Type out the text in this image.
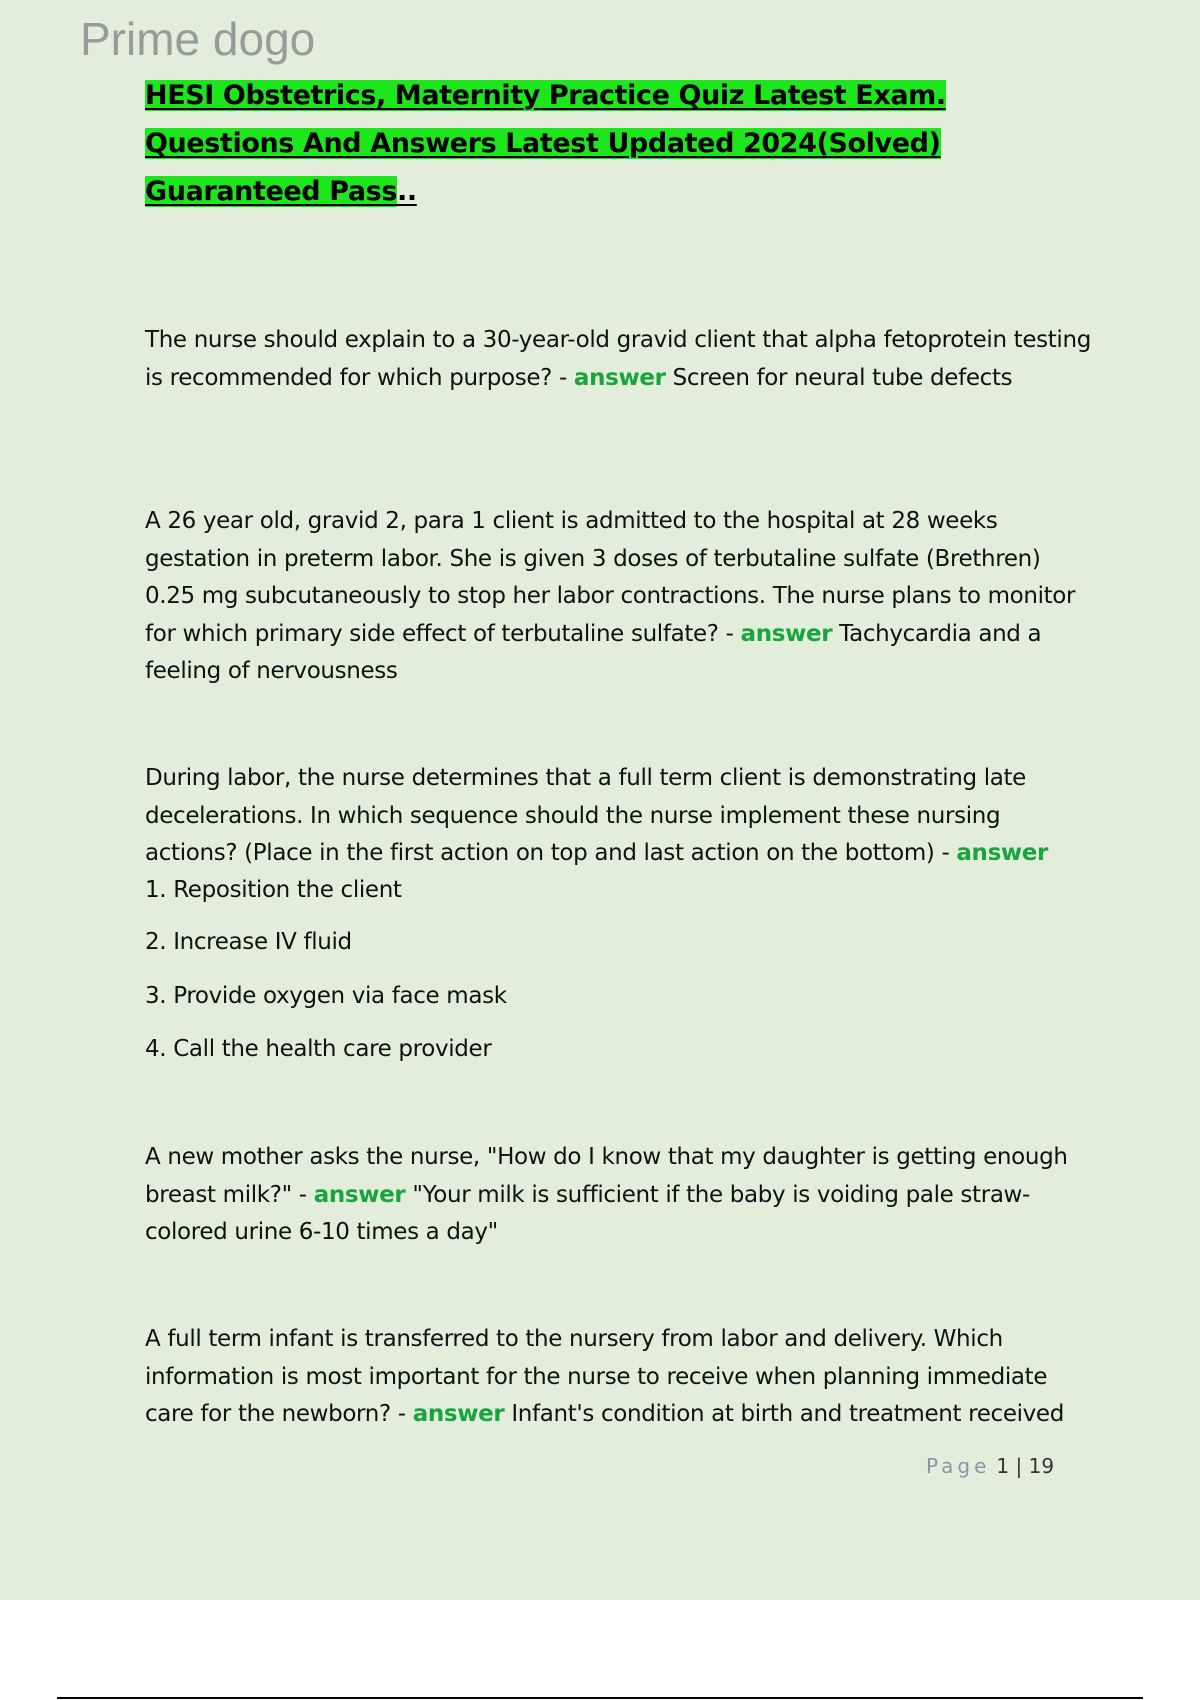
Prime dogo
HESI Obstetrics, Maternity Practice Quiz Latest Exam.
Questions And Answers Latest Updated 2024(Solved)
Guaranteed Pass..
The nurse should explain to a 30-year-old gravid client that alpha fetoprotein testing is recommended for which purpose? - answer Screen for neural tube defects
A 26 year old, gravid 2, para 1 client is admitted to the hospital at 28 weeks gestation in preterm labor. She is given 3 doses of terbutaline sulfate (Brethren) 0.25 mg subcutaneously to stop her labor contractions. The nurse plans to monitor for which primary side effect of terbutaline sulfate? - answer Tachycardia and a feeling of nervousness
During labor, the nurse determines that a full term client is demonstrating late decelerations. In which sequence should the nurse implement these nursing actions? (Place in the first action on top and last action on the bottom) - answer
1. Reposition the client
2. Increase IV fluid
3. Provide oxygen via face mask
4. Call the health care provider
A new mother asks the nurse, "How do I know that my daughter is getting enough breast milk?" - answer "Your milk is sufficient if the baby is voiding pale straw-colored urine 6-10 times a day"
A full term infant is transferred to the nursery from labor and delivery. Which information is most important for the nurse to receive when planning immediate care for the newborn? - answer Infant's condition at birth and treatment received
Page 1 | 19
